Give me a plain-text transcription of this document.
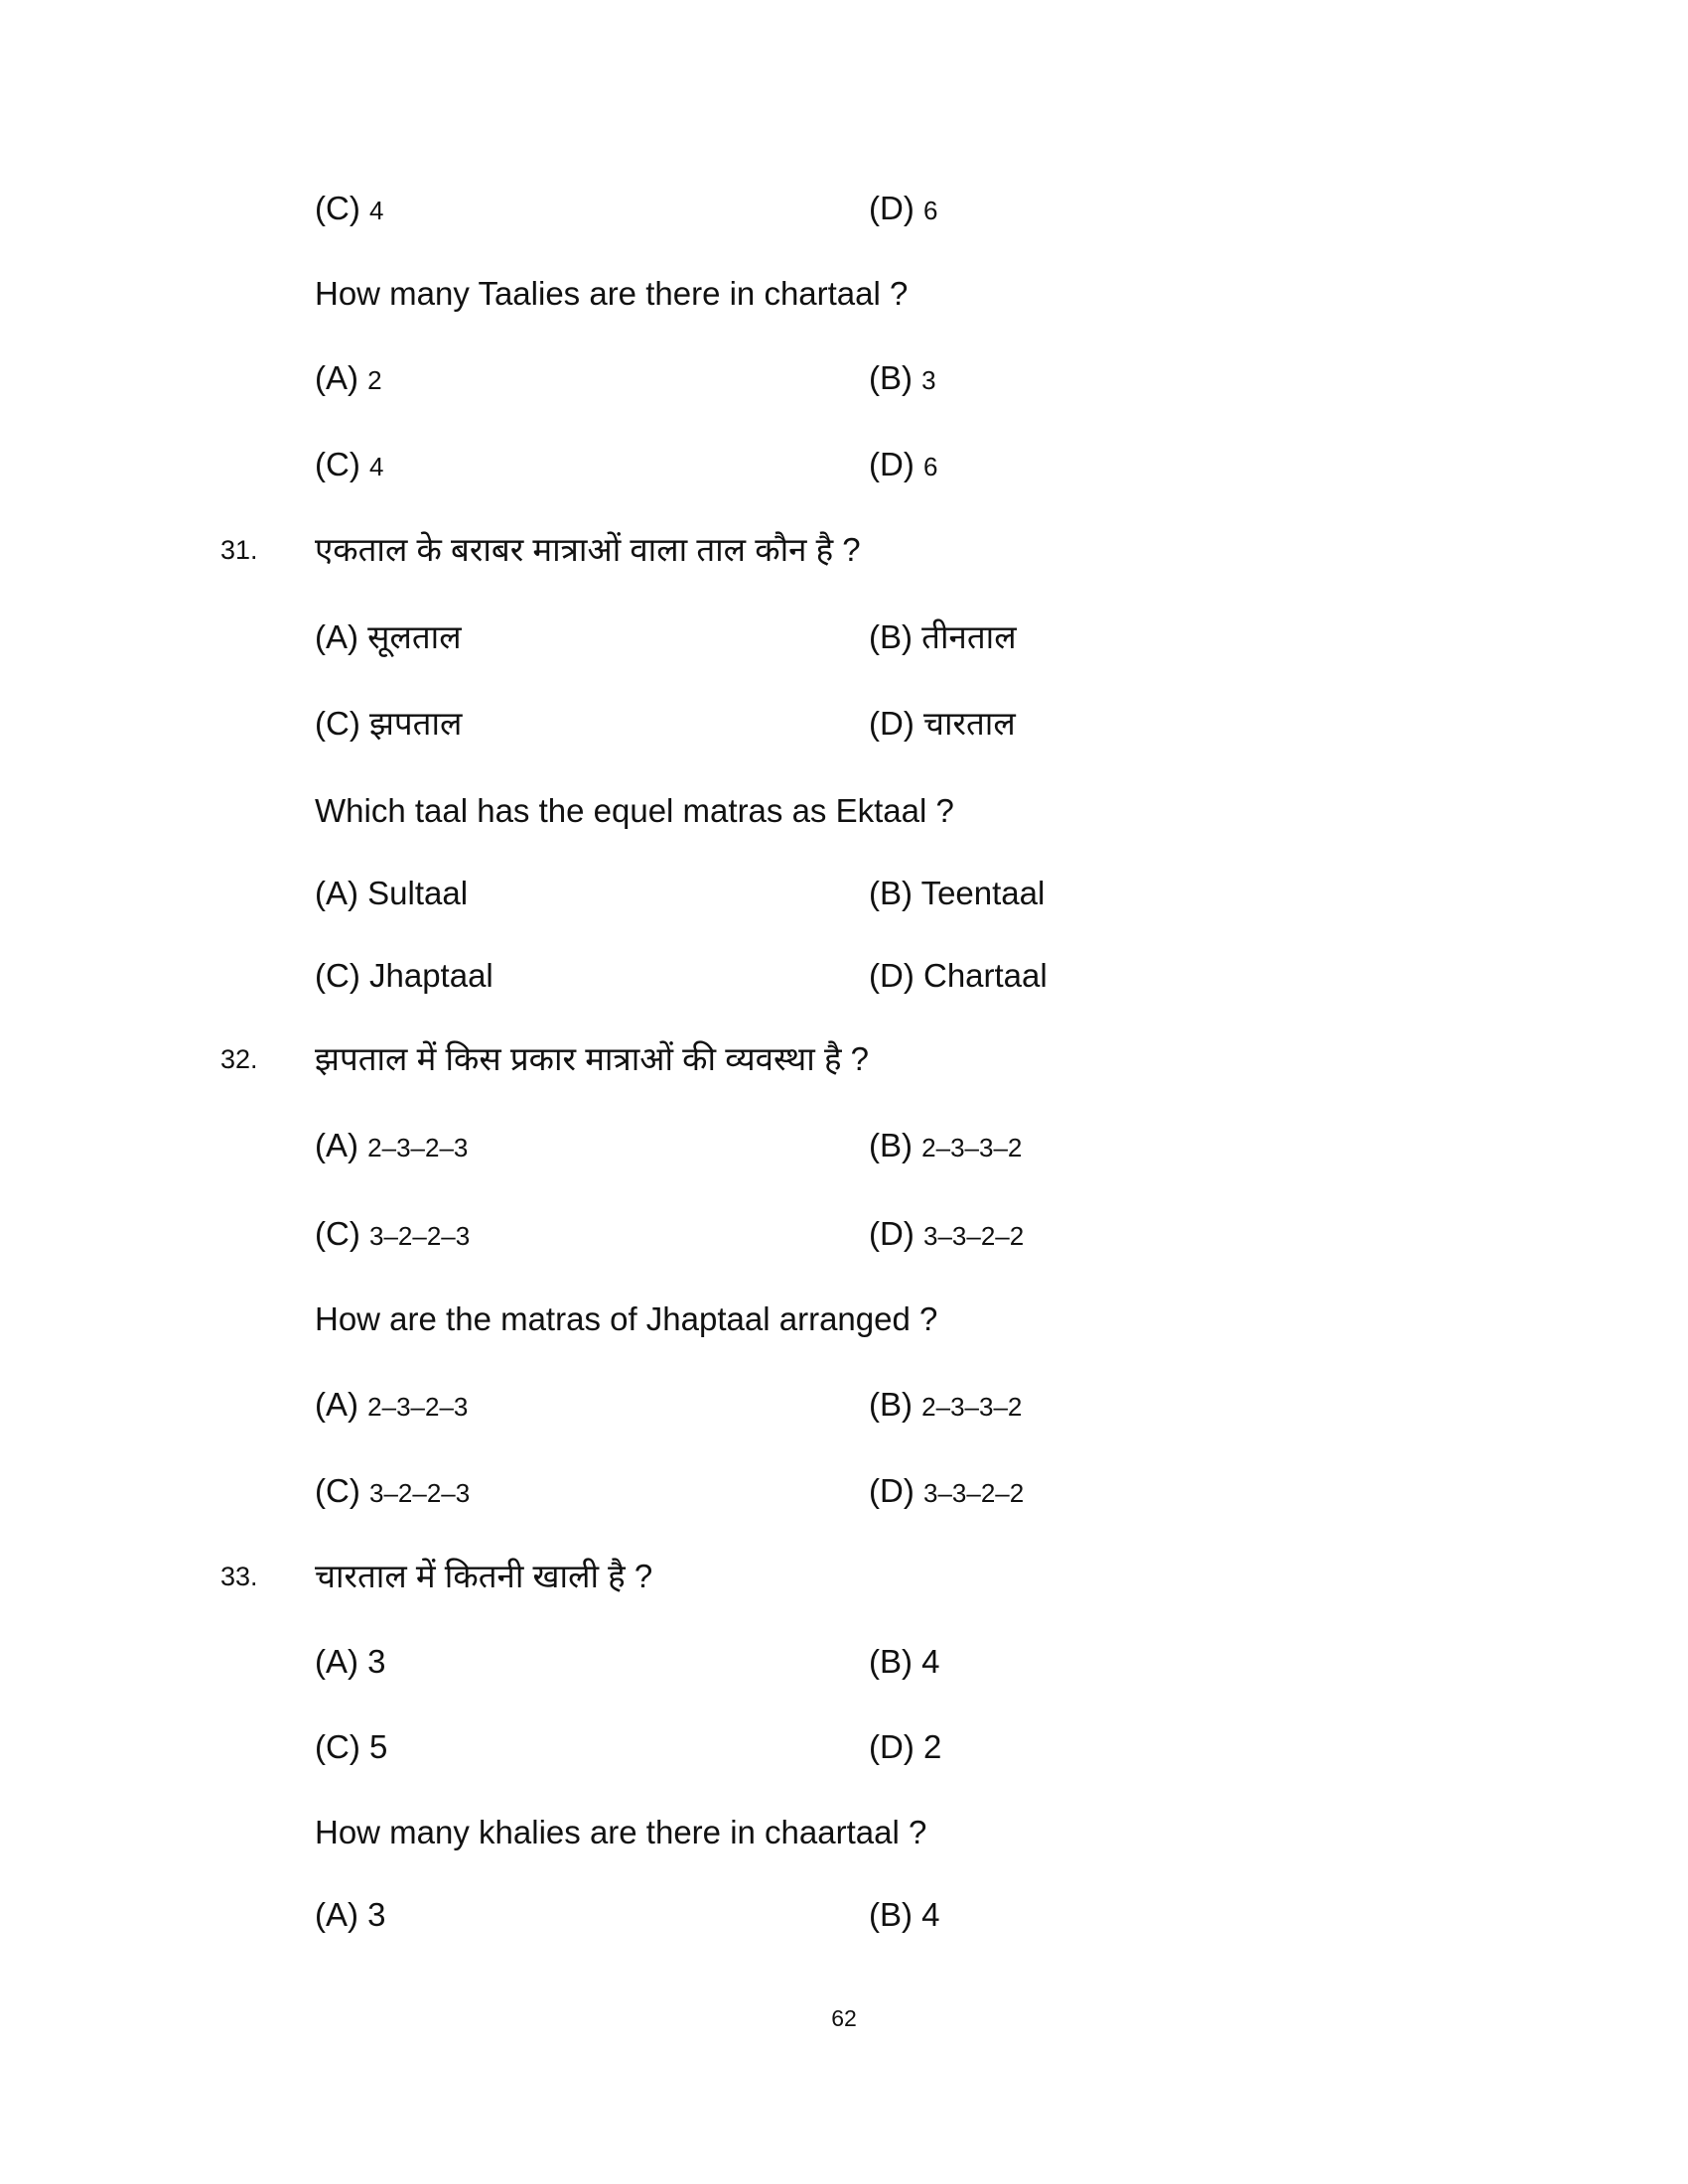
(C) 4	(D) 6
How many Taalies are there in chartaal ?
(A) 2	(B) 3
(C) 4	(D) 6
31. एकताल के बराबर मात्राओं वाला ताल कौन है ?
(A) सूलताल	(B) तीनताल
(C) झपताल	(D) चारताल
Which taal has the equel matras as Ektaal ?
(A) Sultaal	(B) Teentaal
(C) Jhaptaal	(D) Chartaal
32. झपताल में किस प्रकार मात्राओं की व्यवस्था है ?
(A) 2–3–2–3	(B) 2–3–3–2
(C) 3–2–2–3	(D) 3–3–2–2
How are the matras of Jhaptaal arranged ?
(A) 2–3–2–3	(B) 2–3–3–2
(C) 3–2–2–3	(D) 3–3–2–2
33. चारताल में कितनी खाली है ?
(A) 3	(B) 4
(C) 5	(D) 2
How many khalies are there in chaartaal ?
(A) 3	(B) 4
62
